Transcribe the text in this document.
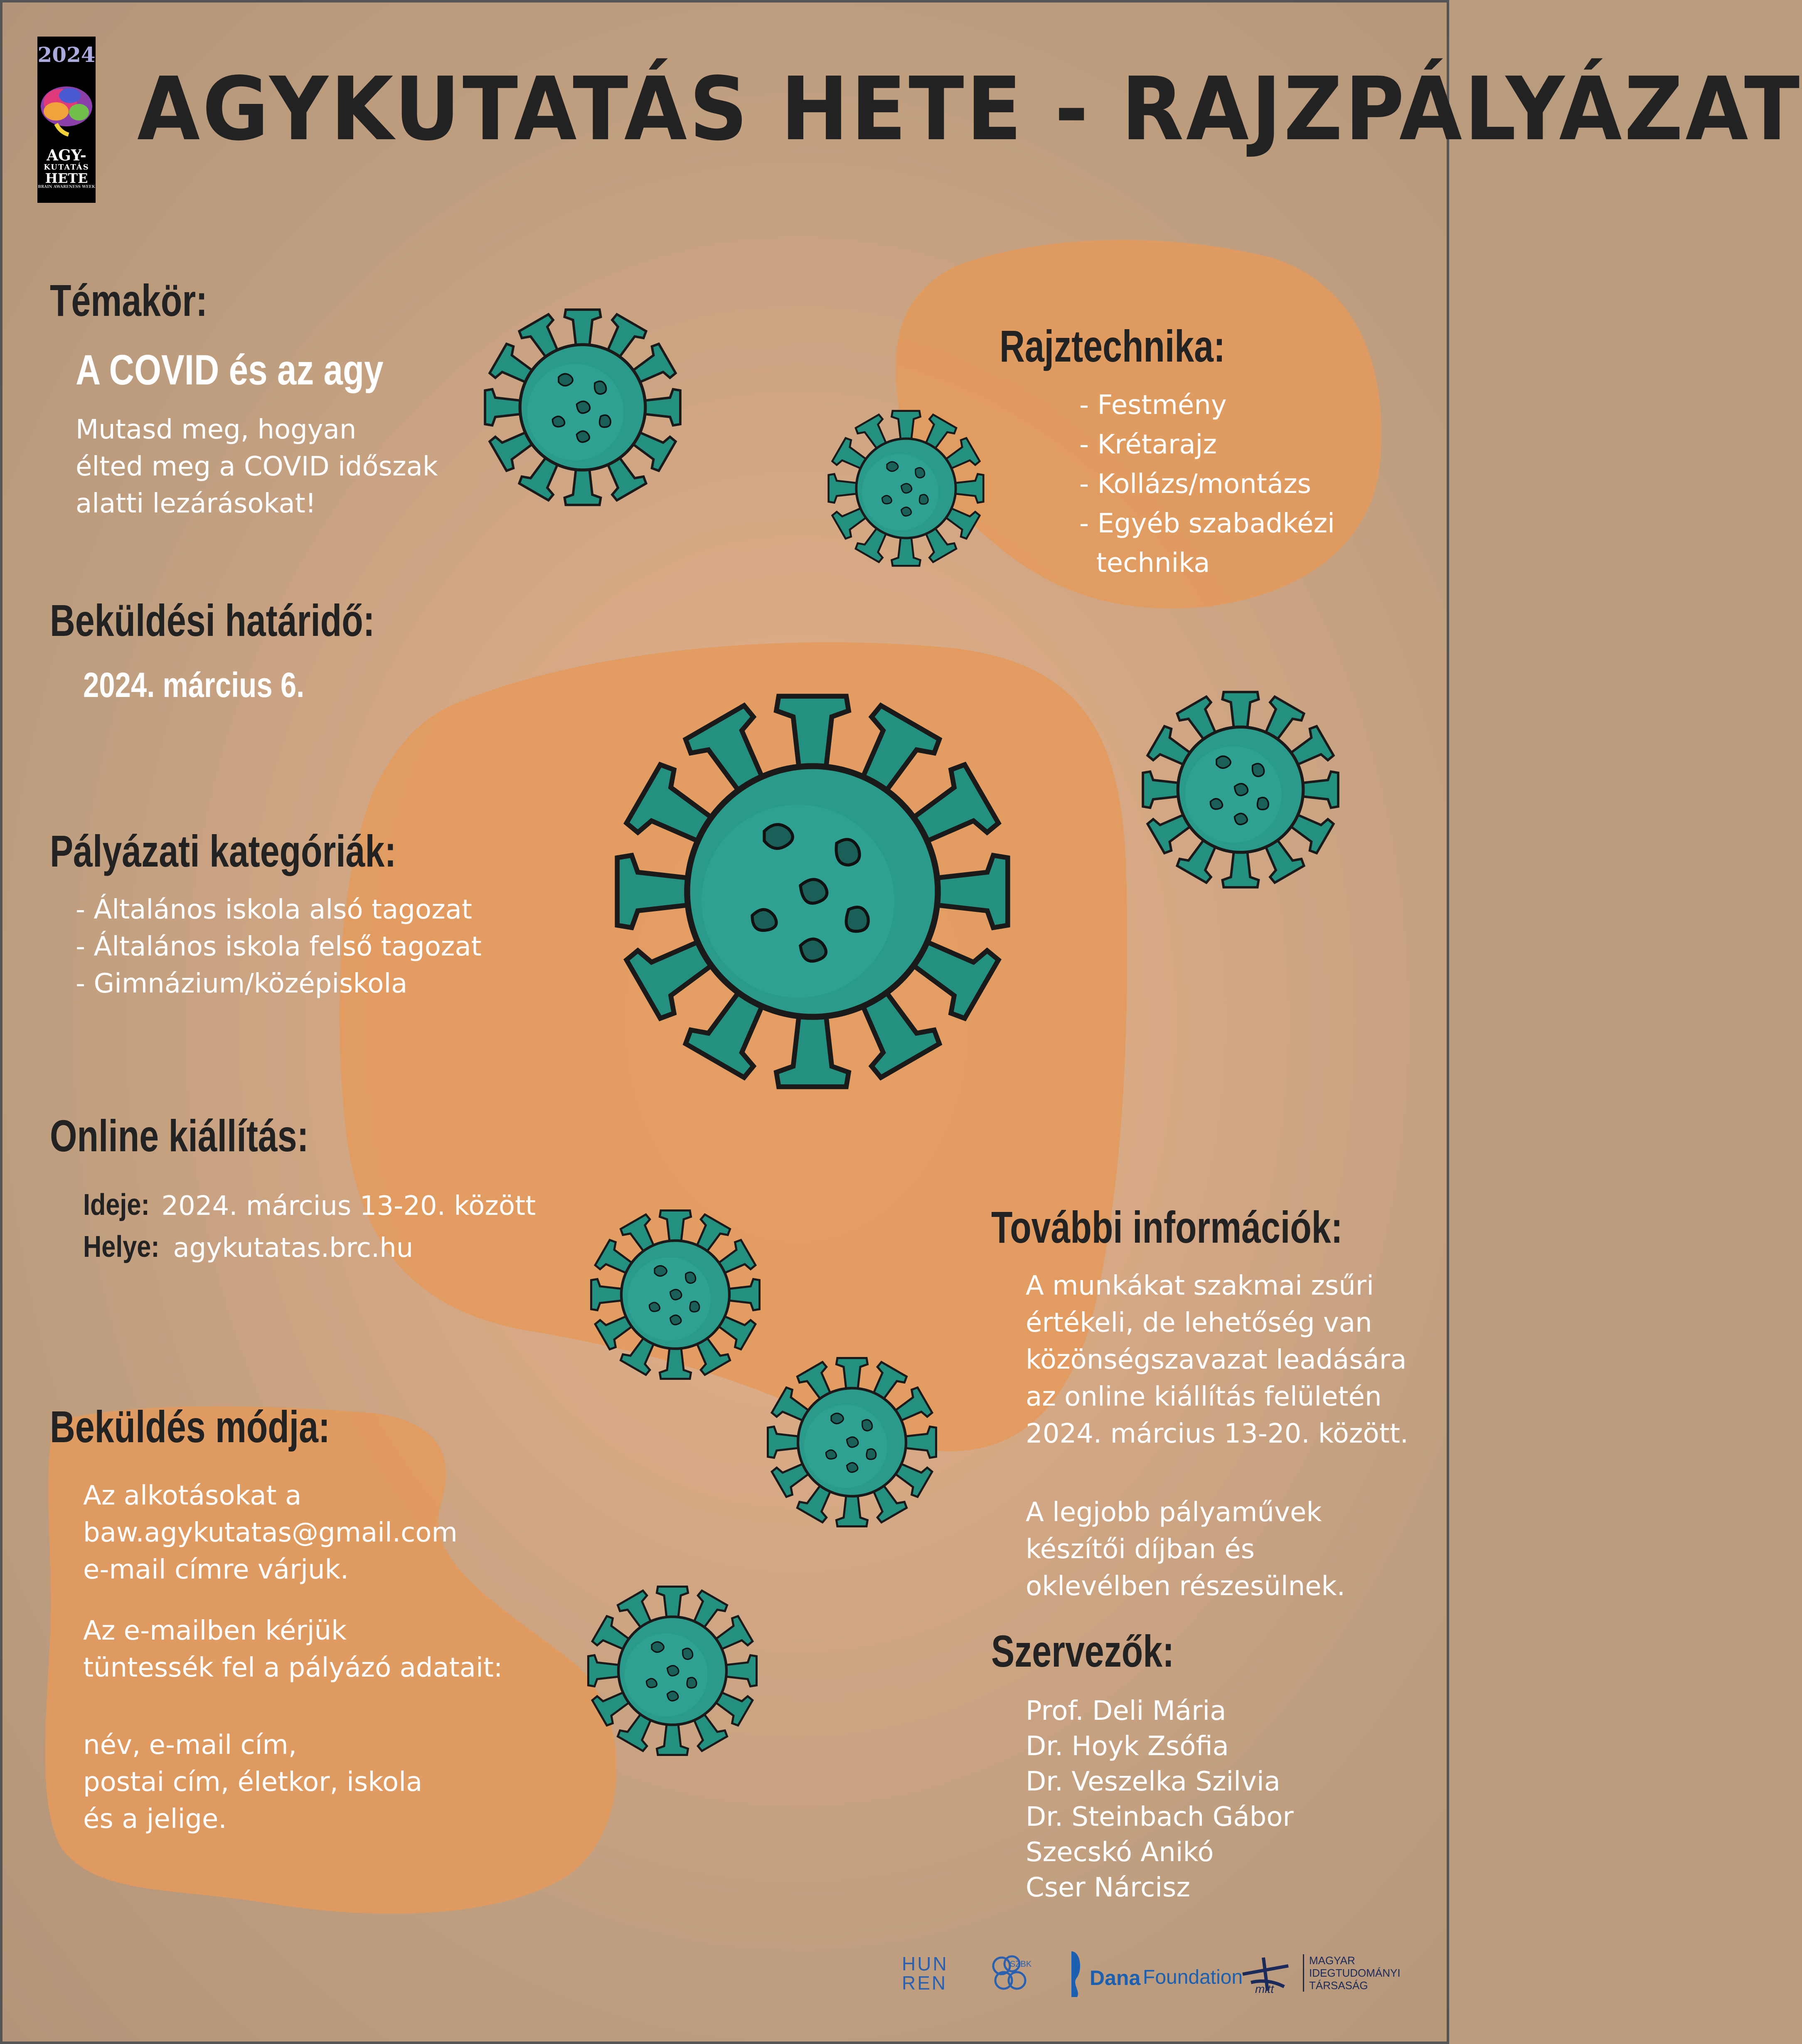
2024
AGY-
KUTATÁS
HETE
BRAIN AWARENESS WEEK
AGYKUTATÁS HETE - RAJZPÁLYÁZAT
Témakör:
A COVID és az agy
Mutasd meg, hogyan
élted meg a COVID időszak
alatti lezárásokat!
Rajztechnika:
- Festmény
- Krétarajz
- Kollázs/montázs
- Egyéb szabadkézi
technika
Beküldési határidő:
2024. március 6.
Pályázati kategóriák:
- Általános iskola alsó tagozat
- Általános iskola felső tagozat
- Gimnázium/középiskola
Online kiállítás:
Ideje: 2024. március 13-20. között
Helye: agykutatas.brc.hu	További információk:
A munkákat szakmai zsűri
értékeli, de lehetőség van
közönségszavazat leadására
az online kiállítás felületén
2024. március 13-20. között.
A legjobb pályaművek
készítői díjban és
oklevélben részesülnek.
Beküldés módja:
Az alkotásokat a
baw.agykutatas@gmail.com
e-mail címre várjuk.
Az e-mailben kérjük
tüntessék fel a pályázó adatait:
név, e-mail cím,
postai cím, életkor, iskola
és a jelige.
Szervezők:
Prof. Deli Mária
Dr. Hoyk Zsófia
Dr. Veszelka Szilvia
Dr. Steinbach Gábor
Szecskó Anikó
Cser Nárcisz
HUN
REN
SZBK
Dana Foundation
mitt
MAGYAR
IDEGTUDOMÁNYI
TÁRSASÁG
